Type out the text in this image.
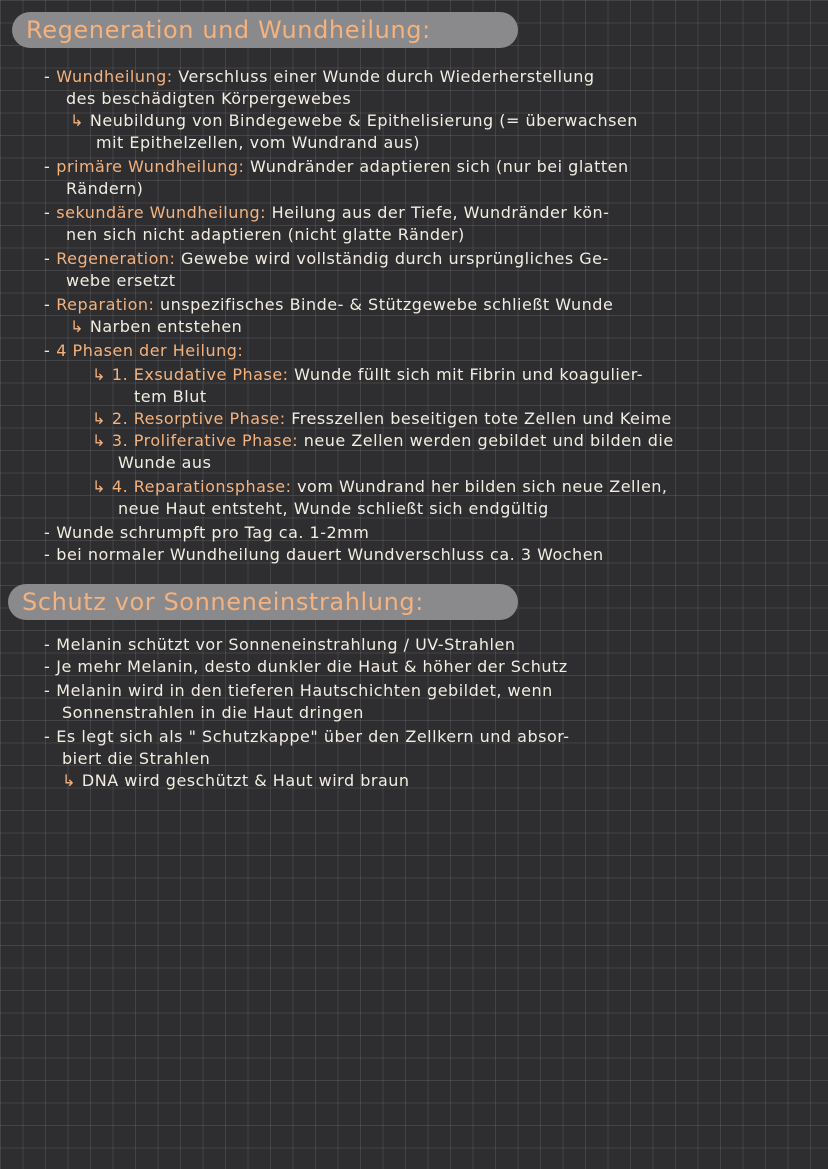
Regeneration und Wundheilung:
- Wundheilung: Verschluss einer Wunde durch Wiederherstellung
des beschädigten Körpergewebes
↳ Neubildung von Bindegewebe & Epithelisierung (= überwachsen
mit Epithelzellen, vom Wundrand aus)
- primäre Wundheilung: Wundränder adaptieren sich (nur bei glatten
Rändern)
- sekundäre Wundheilung: Heilung aus der Tiefe, Wundränder kön-
nen sich nicht adaptieren (nicht glatte Ränder)
- Regeneration: Gewebe wird vollständig durch ursprüngliches Ge-
webe ersetzt
- Reparation: unspezifisches Binde- & Stützgewebe schließt Wunde
↳ Narben entstehen
- 4 Phasen der Heilung:
↳ 1. Exsudative Phase: Wunde füllt sich mit Fibrin und koagulier-
tem Blut
↳ 2. Resorptive Phase: Fresszellen beseitigen tote Zellen und Keime
↳ 3. Proliferative Phase: neue Zellen werden gebildet und bilden die
Wunde aus
↳ 4. Reparationsphase: vom Wundrand her bilden sich neue Zellen,
neue Haut entsteht, Wunde schließt sich endgültig
- Wunde schrumpft pro Tag ca. 1-2mm
- bei normaler Wundheilung dauert Wundverschluss ca. 3 Wochen
Schutz vor Sonneneinstrahlung:
- Melanin schützt vor Sonneneinstrahlung / UV-Strahlen
- Je mehr Melanin, desto dunkler die Haut & höher der Schutz
- Melanin wird in den tieferen Hautschichten gebildet, wenn
Sonnenstrahlen in die Haut dringen
- Es legt sich als " Schutzkappe" über den Zellkern und absor-
biert die Strahlen
↳ DNA wird geschützt & Haut wird braun
